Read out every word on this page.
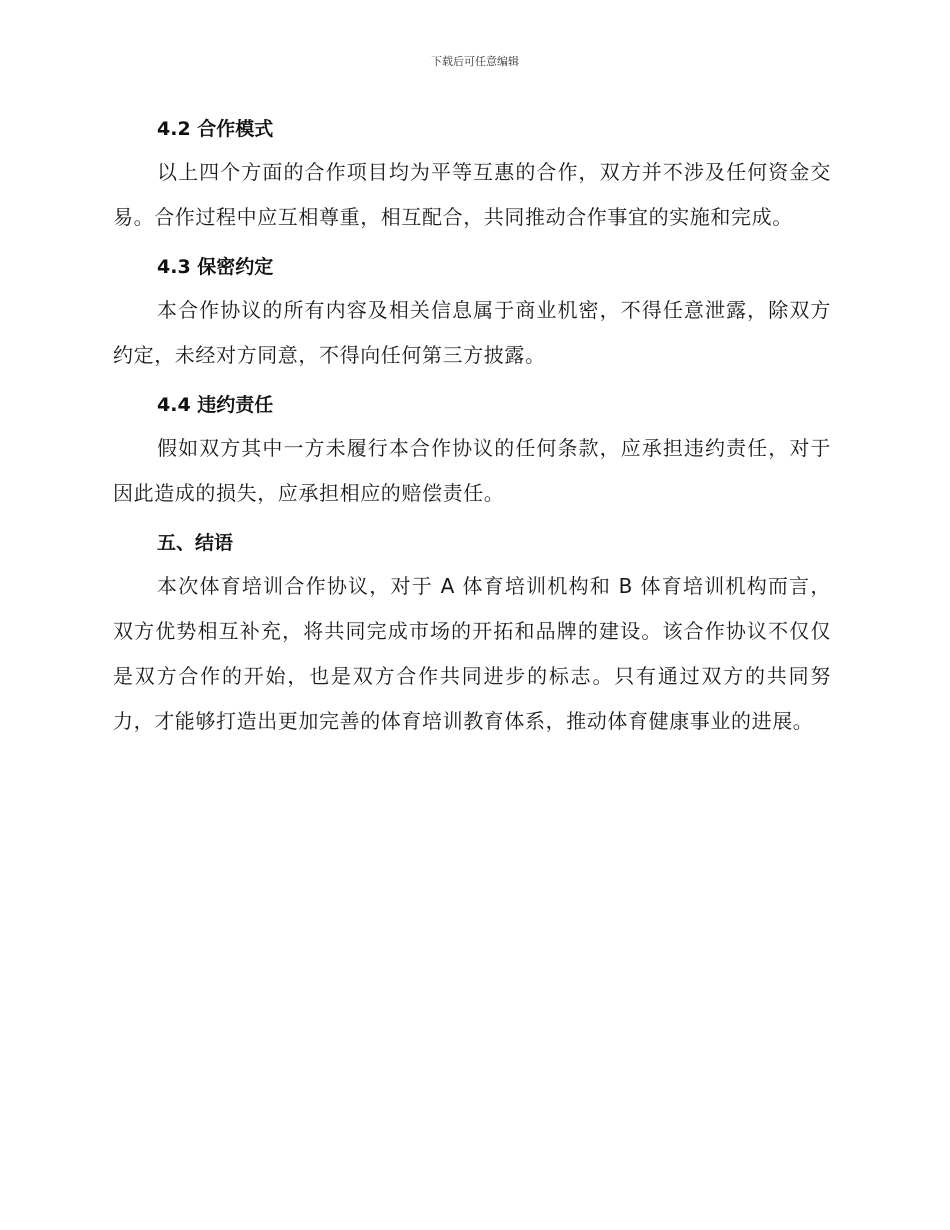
下载后可任意编辑
4.2 合作模式

以上四个方面的合作项目均为平等互惠的合作，双方并不涉及任何资金交易。合作过程中应互相尊重，相互配合，共同推动合作事宜的实施和完成。

4.3 保密约定

本合作协议的所有内容及相关信息属于商业机密，不得任意泄露，除双方约定，未经对方同意，不得向任何第三方披露。

4.4 违约责任

假如双方其中一方未履行本合作协议的任何条款，应承担违约责任，对于因此造成的损失，应承担相应的赔偿责任。

五、结语

本次体育培训合作协议，对于 A 体育培训机构和 B 体育培训机构而言，双方优势相互补充，将共同完成市场的开拓和品牌的建设。该合作协议不仅仅是双方合作的开始，也是双方合作共同进步的标志。只有通过双方的共同努力，才能够打造出更加完善的体育培训教育体系，推动体育健康事业的进展。
